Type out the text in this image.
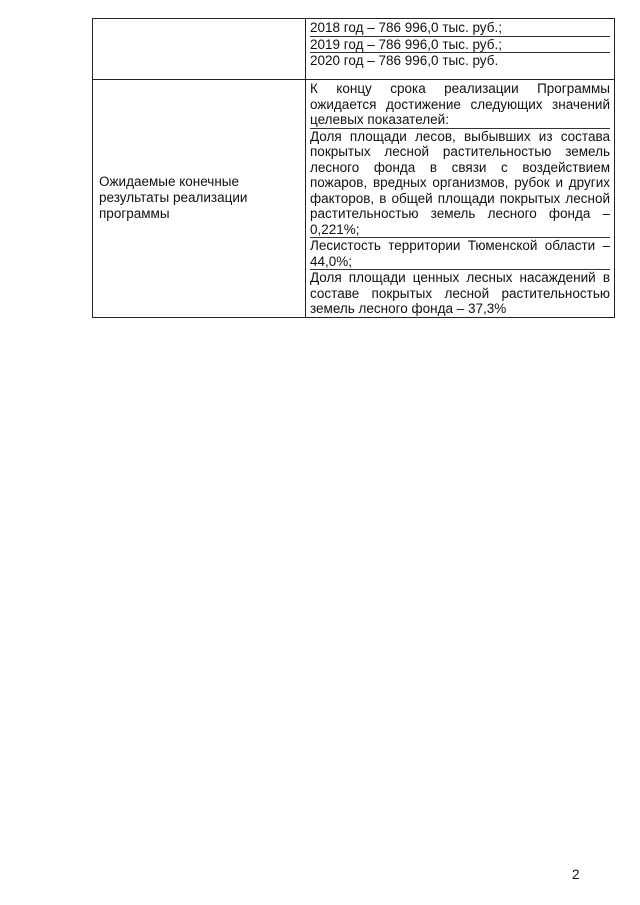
	2018 год – 786 996,0 тыс. руб.;
2019 год – 786 996,0 тыс. руб.;
2020 год – 786 996,0 тыс. руб.

Ожидаемые конечные результаты реализации программы	К концу срока реализации Программы ожидается достижение следующих значений целевых показателей:
Доля площади лесов, выбывших из состава покрытых лесной растительностью земель лесного фонда в связи с воздействием пожаров, вредных организмов, рубок и других факторов, в общей площади покрытых лесной растительностью земель лесного фонда – 0,221%;
Лесистость территории Тюменской области – 44,0%;
Доля площади ценных лесных насаждений в составе покрытых лесной растительностью земель лесного фонда – 37,3%
2
